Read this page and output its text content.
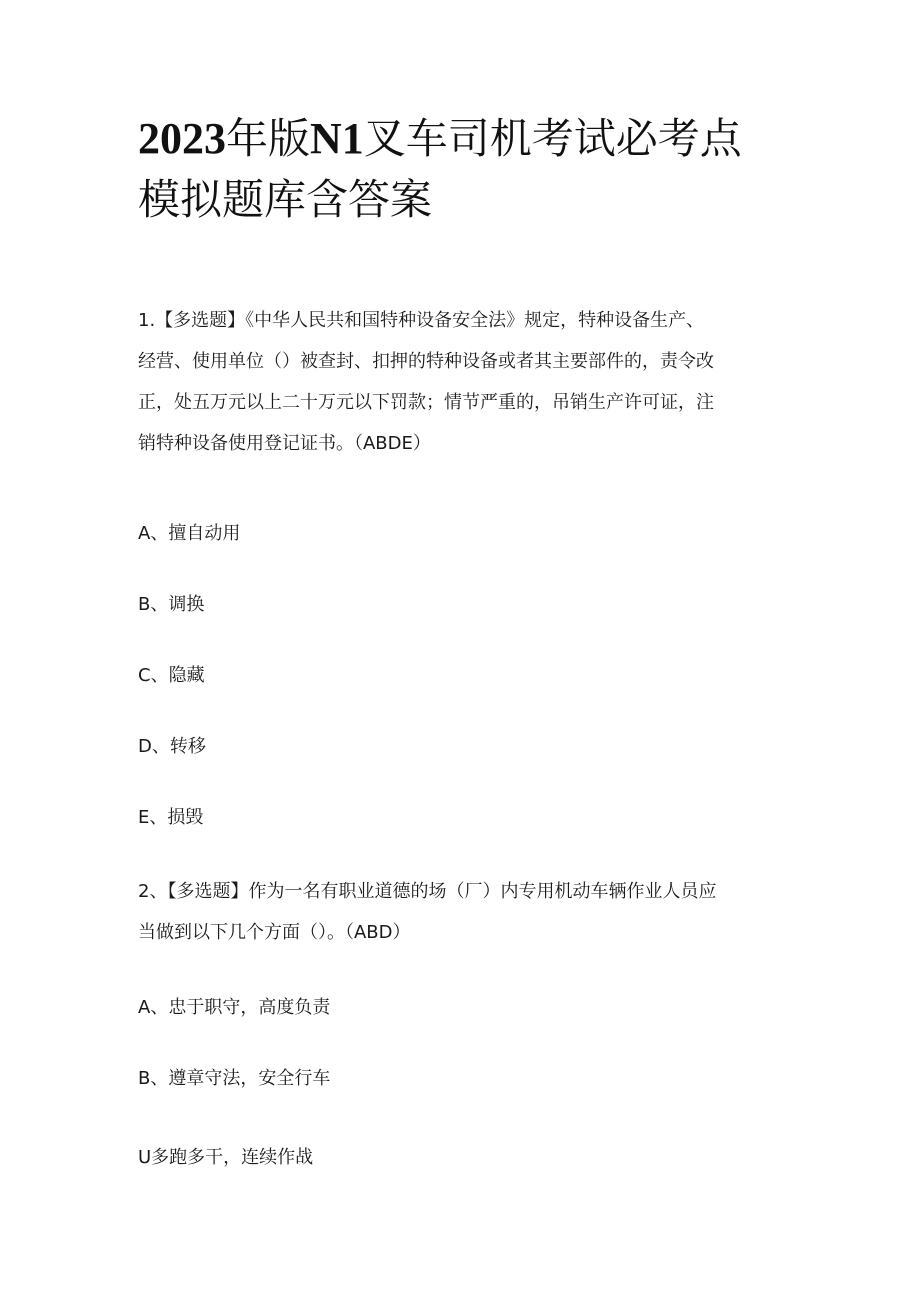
2023年版N1叉车司机考试必考点
模拟题库含答案
1.【多选题】《中华人民共和国特种设备安全法》规定，特种设备生产、
经营、使用单位（）被查封、扣押的特种设备或者其主要部件的，责令改
正，处五万元以上二十万元以下罚款；情节严重的，吊销生产许可证，注
销特种设备使用登记证书。（ABDE）

A、擅自动用

B、调换

C、隐藏

D、转移

E、损毁

2、【多选题】作为一名有职业道德的场（厂）内专用机动车辆作业人员应
当做到以下几个方面（）。（ABD）

A、忠于职守，高度负责

B、遵章守法，安全行车

U多跑多干，连续作战
